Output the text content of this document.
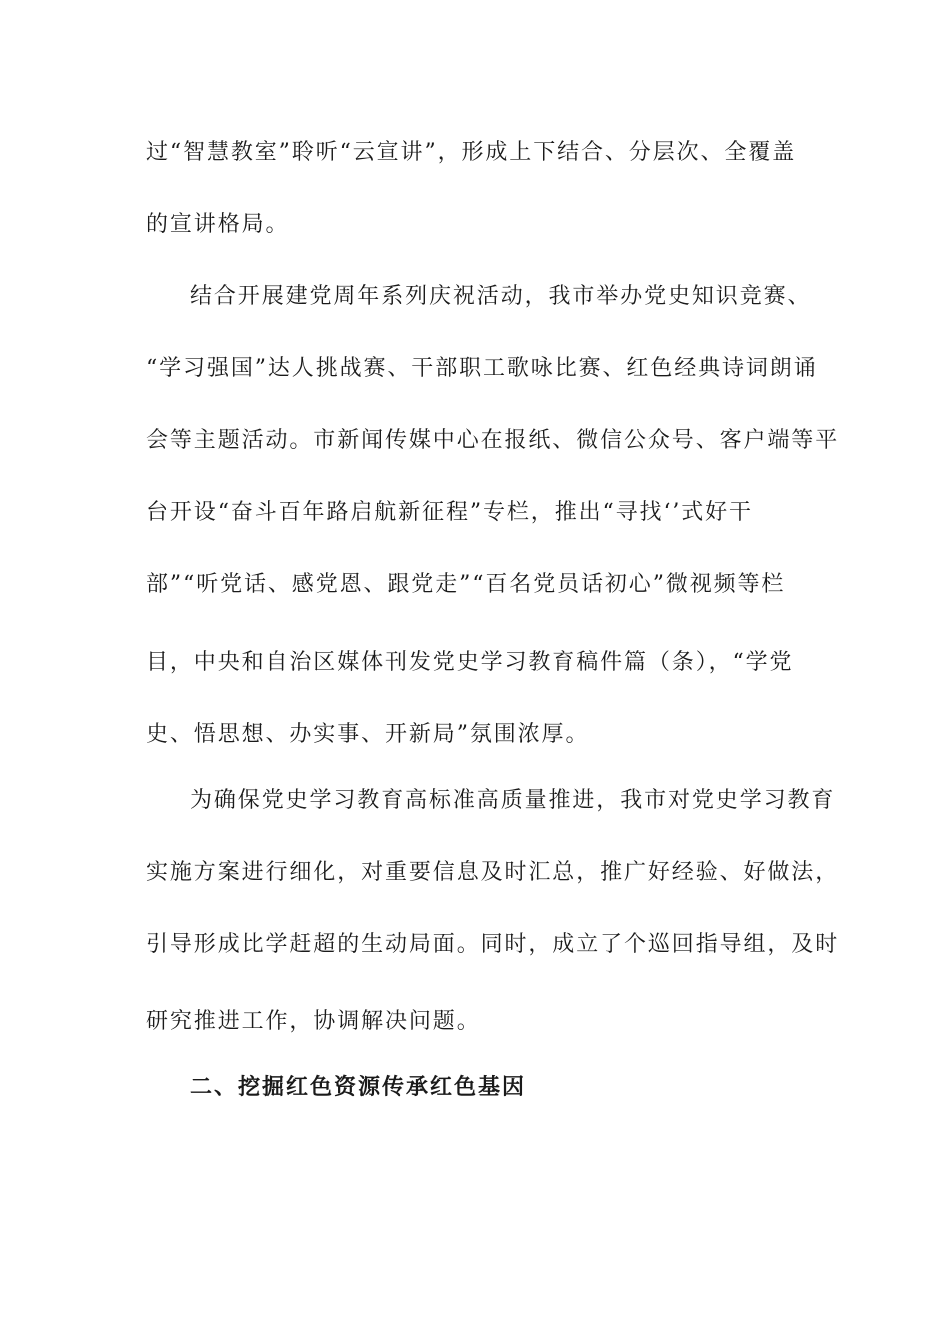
过“智慧教室”聆听“云宣讲”，形成上下结合、分层次、全覆盖
的宣讲格局。
结合开展建党周年系列庆祝活动，我市举办党史知识竞赛、
“学习强国”达人挑战赛、干部职工歌咏比赛、红色经典诗词朗诵
会等主题活动。市新闻传媒中心在报纸、微信公众号、客户端等平
台开设“奋斗百年路启航新征程”专栏，推出“寻找‘’式好干
部”“听党话、感党恩、跟党走”“百名党员话初心”微视频等栏
目，中央和自治区媒体刊发党史学习教育稿件篇（条），“学党
史、悟思想、办实事、开新局”氛围浓厚。
为确保党史学习教育高标准高质量推进，我市对党史学习教育
实施方案进行细化，对重要信息及时汇总，推广好经验、好做法，
引导形成比学赶超的生动局面。同时，成立了个巡回指导组，及时
研究推进工作，协调解决问题。
二、挖掘红色资源传承红色基因
